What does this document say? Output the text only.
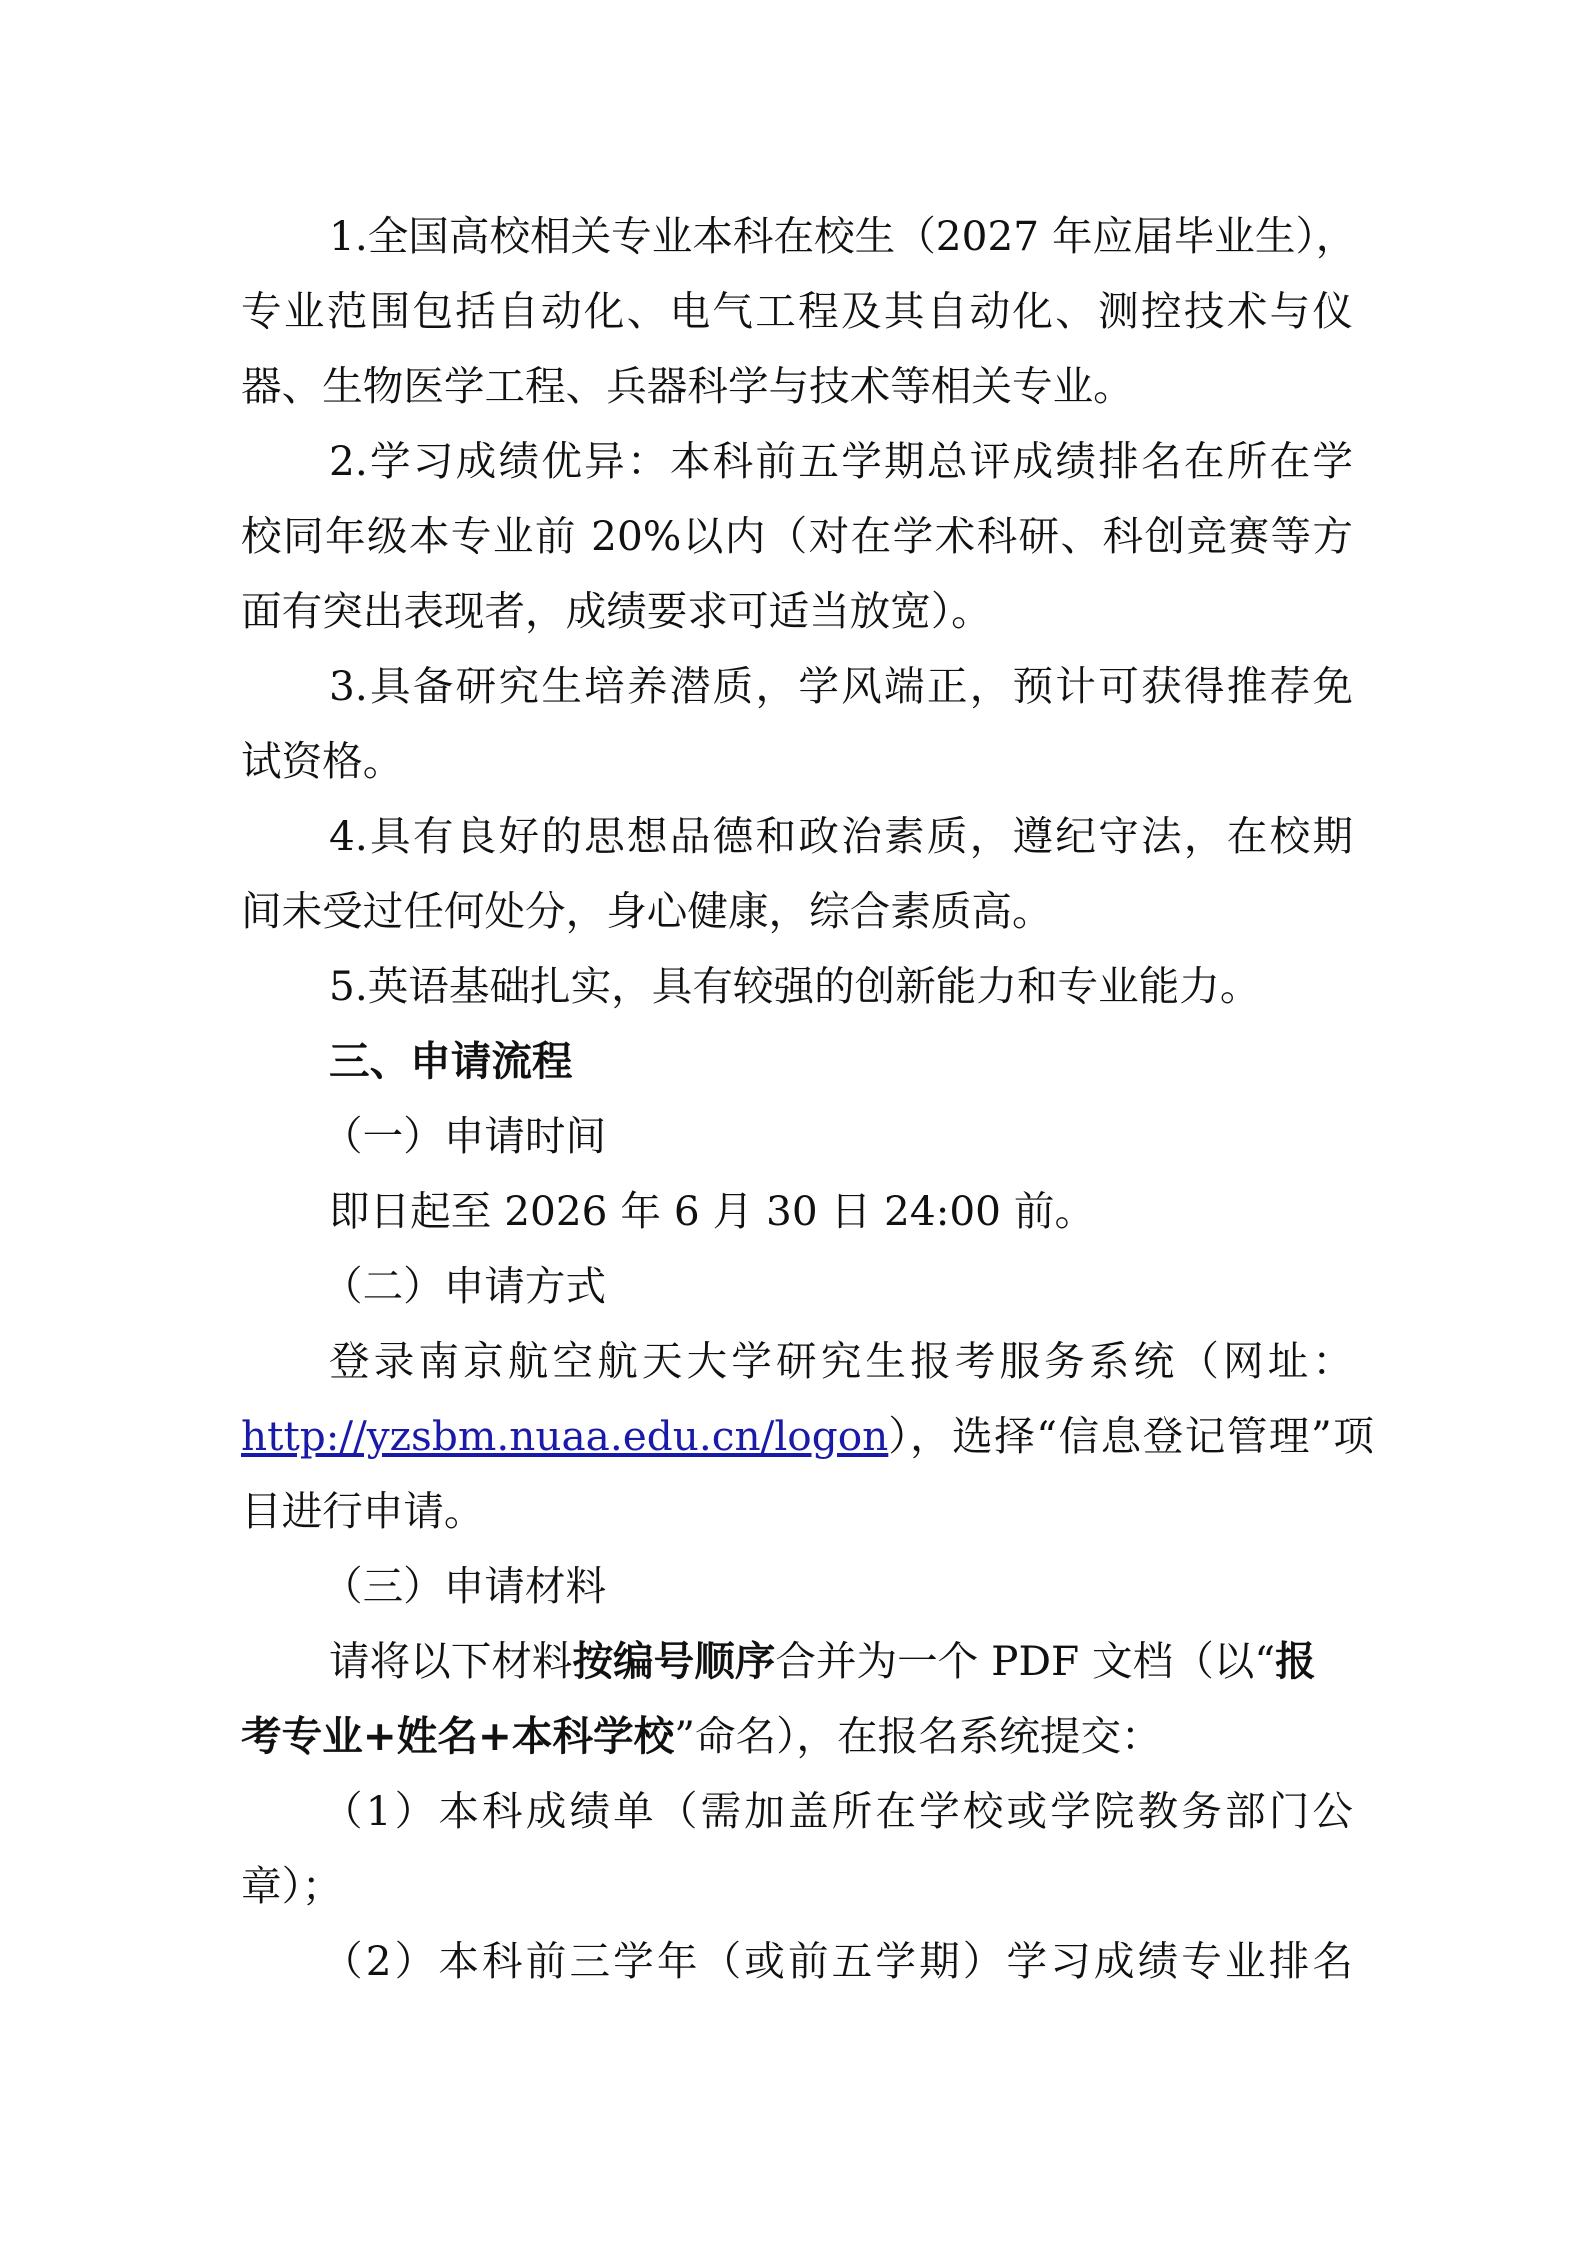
1.全国高校相关专业本科在校生（2027 年应届毕业生），
专业范围包括自动化、电气工程及其自动化、测控技术与仪
器、生物医学工程、兵器科学与技术等相关专业。
2.学习成绩优异：本科前五学期总评成绩排名在所在学
校同年级本专业前 20%以内（对在学术科研、科创竞赛等方
面有突出表现者，成绩要求可适当放宽）。
3.具备研究生培养潜质，学风端正，预计可获得推荐免
试资格。
4.具有良好的思想品德和政治素质，遵纪守法，在校期
间未受过任何处分，身心健康，综合素质高。
5.英语基础扎实，具有较强的创新能力和专业能力。
三、申请流程
（一）申请时间
即日起至 2026 年 6 月 30 日 24:00 前。
（二）申请方式
登录南京航空航天大学研究生报考服务系统（网址：
http://yzsbm.nuaa.edu.cn/logon），选择“信息登记管理”项
目进行申请。
（三）申请材料
请将以下材料按编号顺序合并为一个 PDF 文档（以“报
考专业+姓名+本科学校”命名），在报名系统提交：
（1）本科成绩单（需加盖所在学校或学院教务部门公
章）；
（2）本科前三学年（或前五学期）学习成绩专业排名
